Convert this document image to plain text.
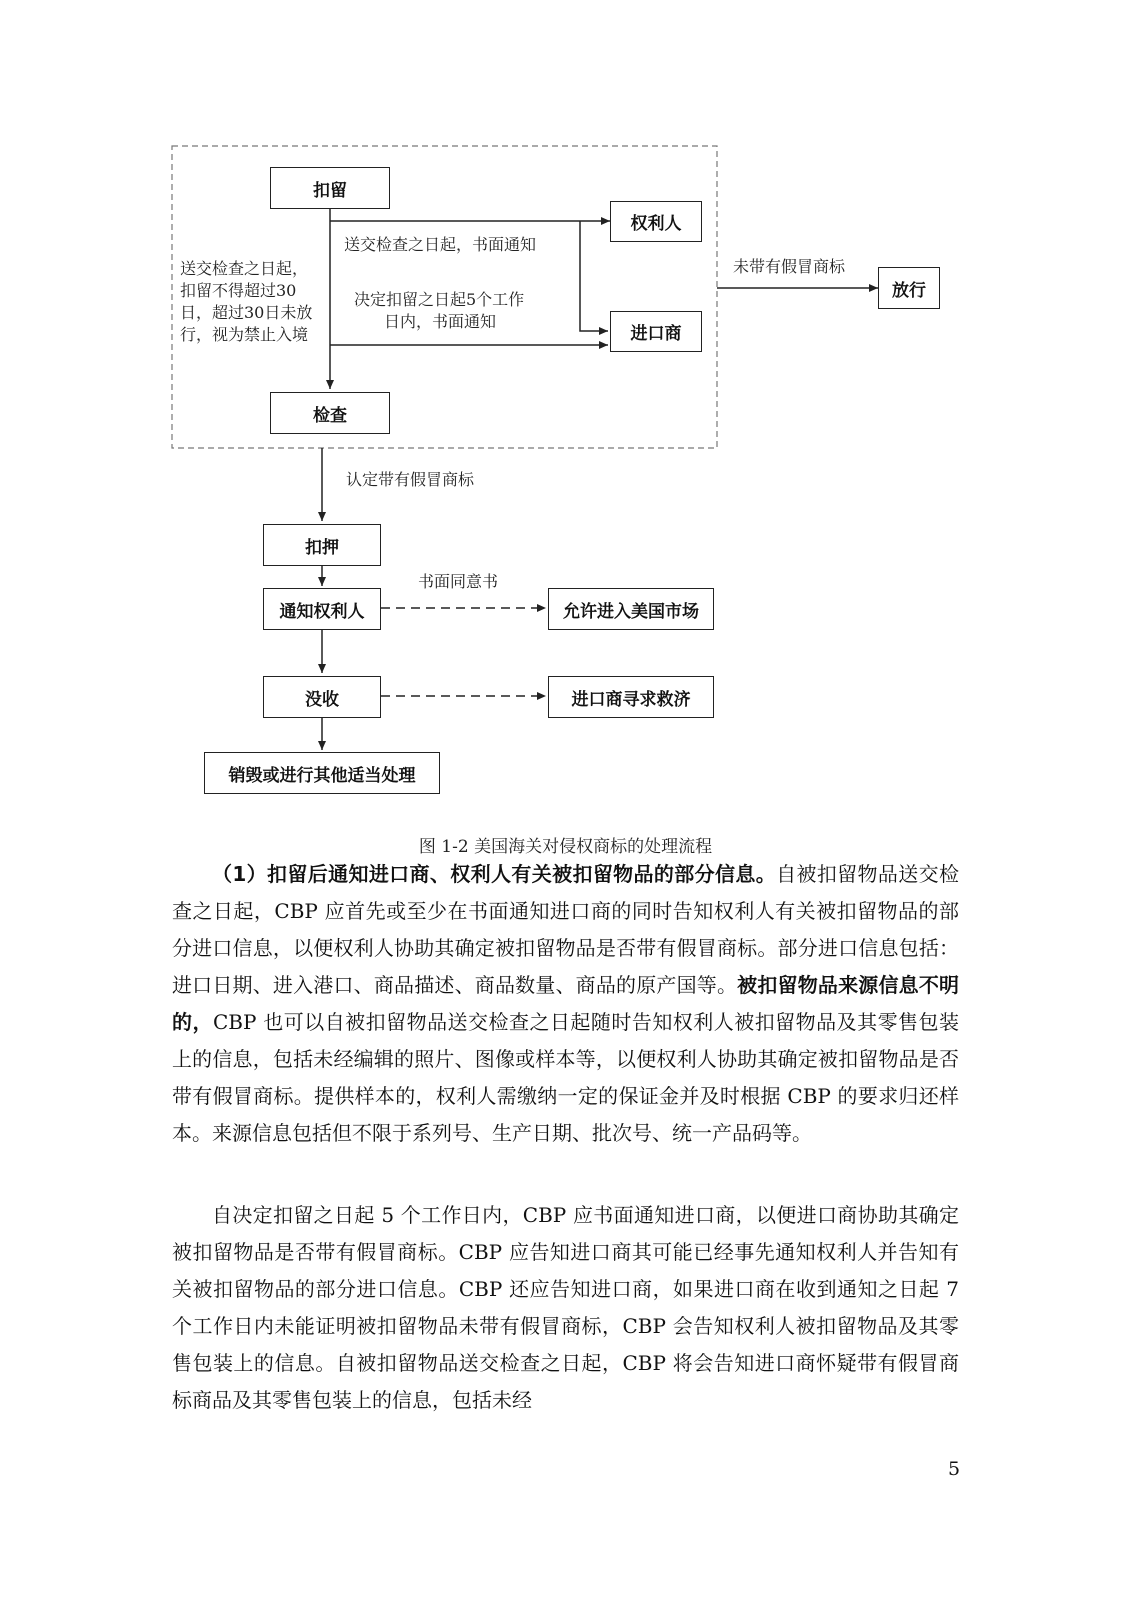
扣留
权利人
进口商
放行
检查
扣押
通知权利人
没收
允许进入美国市场
进口商寻求救济
销毁或进行其他适当处理
送交检查之日起，书面通知
决定扣留之日起5个工作
日内，书面通知
未带有假冒商标
送交检查之日起，
扣留不得超过30
日，超过30日未放
行，视为禁止入境
认定带有假冒商标
书面同意书
图 1-2 美国海关对侵权商标的处理流程

（1）扣留后通知进口商、权利人有关被扣留物品的部分信息。自被扣留物品送交检查之日起，CBP 应首先或至少在书面通知进口商的同时告知权利人有关被扣留物品的部分进口信息，以便权利人协助其确定被扣留物品是否带有假冒商标。部分进口信息包括：进口日期、进入港口、商品描述、商品数量、商品的原产国等。被扣留物品来源信息不明的，CBP 也可以自被扣留物品送交检查之日起随时告知权利人被扣留物品及其零售包装上的信息，包括未经编辑的照片、图像或样本等，以便权利人协助其确定被扣留物品是否带有假冒商标。提供样本的，权利人需缴纳一定的保证金并及时根据 CBP 的要求归还样本。来源信息包括但不限于系列号、生产日期、批次号、统一产品码等。

自决定扣留之日起 5 个工作日内，CBP 应书面通知进口商，以便进口商协助其确定被扣留物品是否带有假冒商标。CBP 应告知进口商其可能已经事先通知权利人并告知有关被扣留物品的部分进口信息。CBP 还应告知进口商，如果进口商在收到通知之日起 7 个工作日内未能证明被扣留物品未带有假冒商标，CBP 会告知权利人被扣留物品及其零售包装上的信息。自被扣留物品送交检查之日起，CBP 将会告知进口商怀疑带有假冒商标商品及其零售包装上的信息，包括未经

5
